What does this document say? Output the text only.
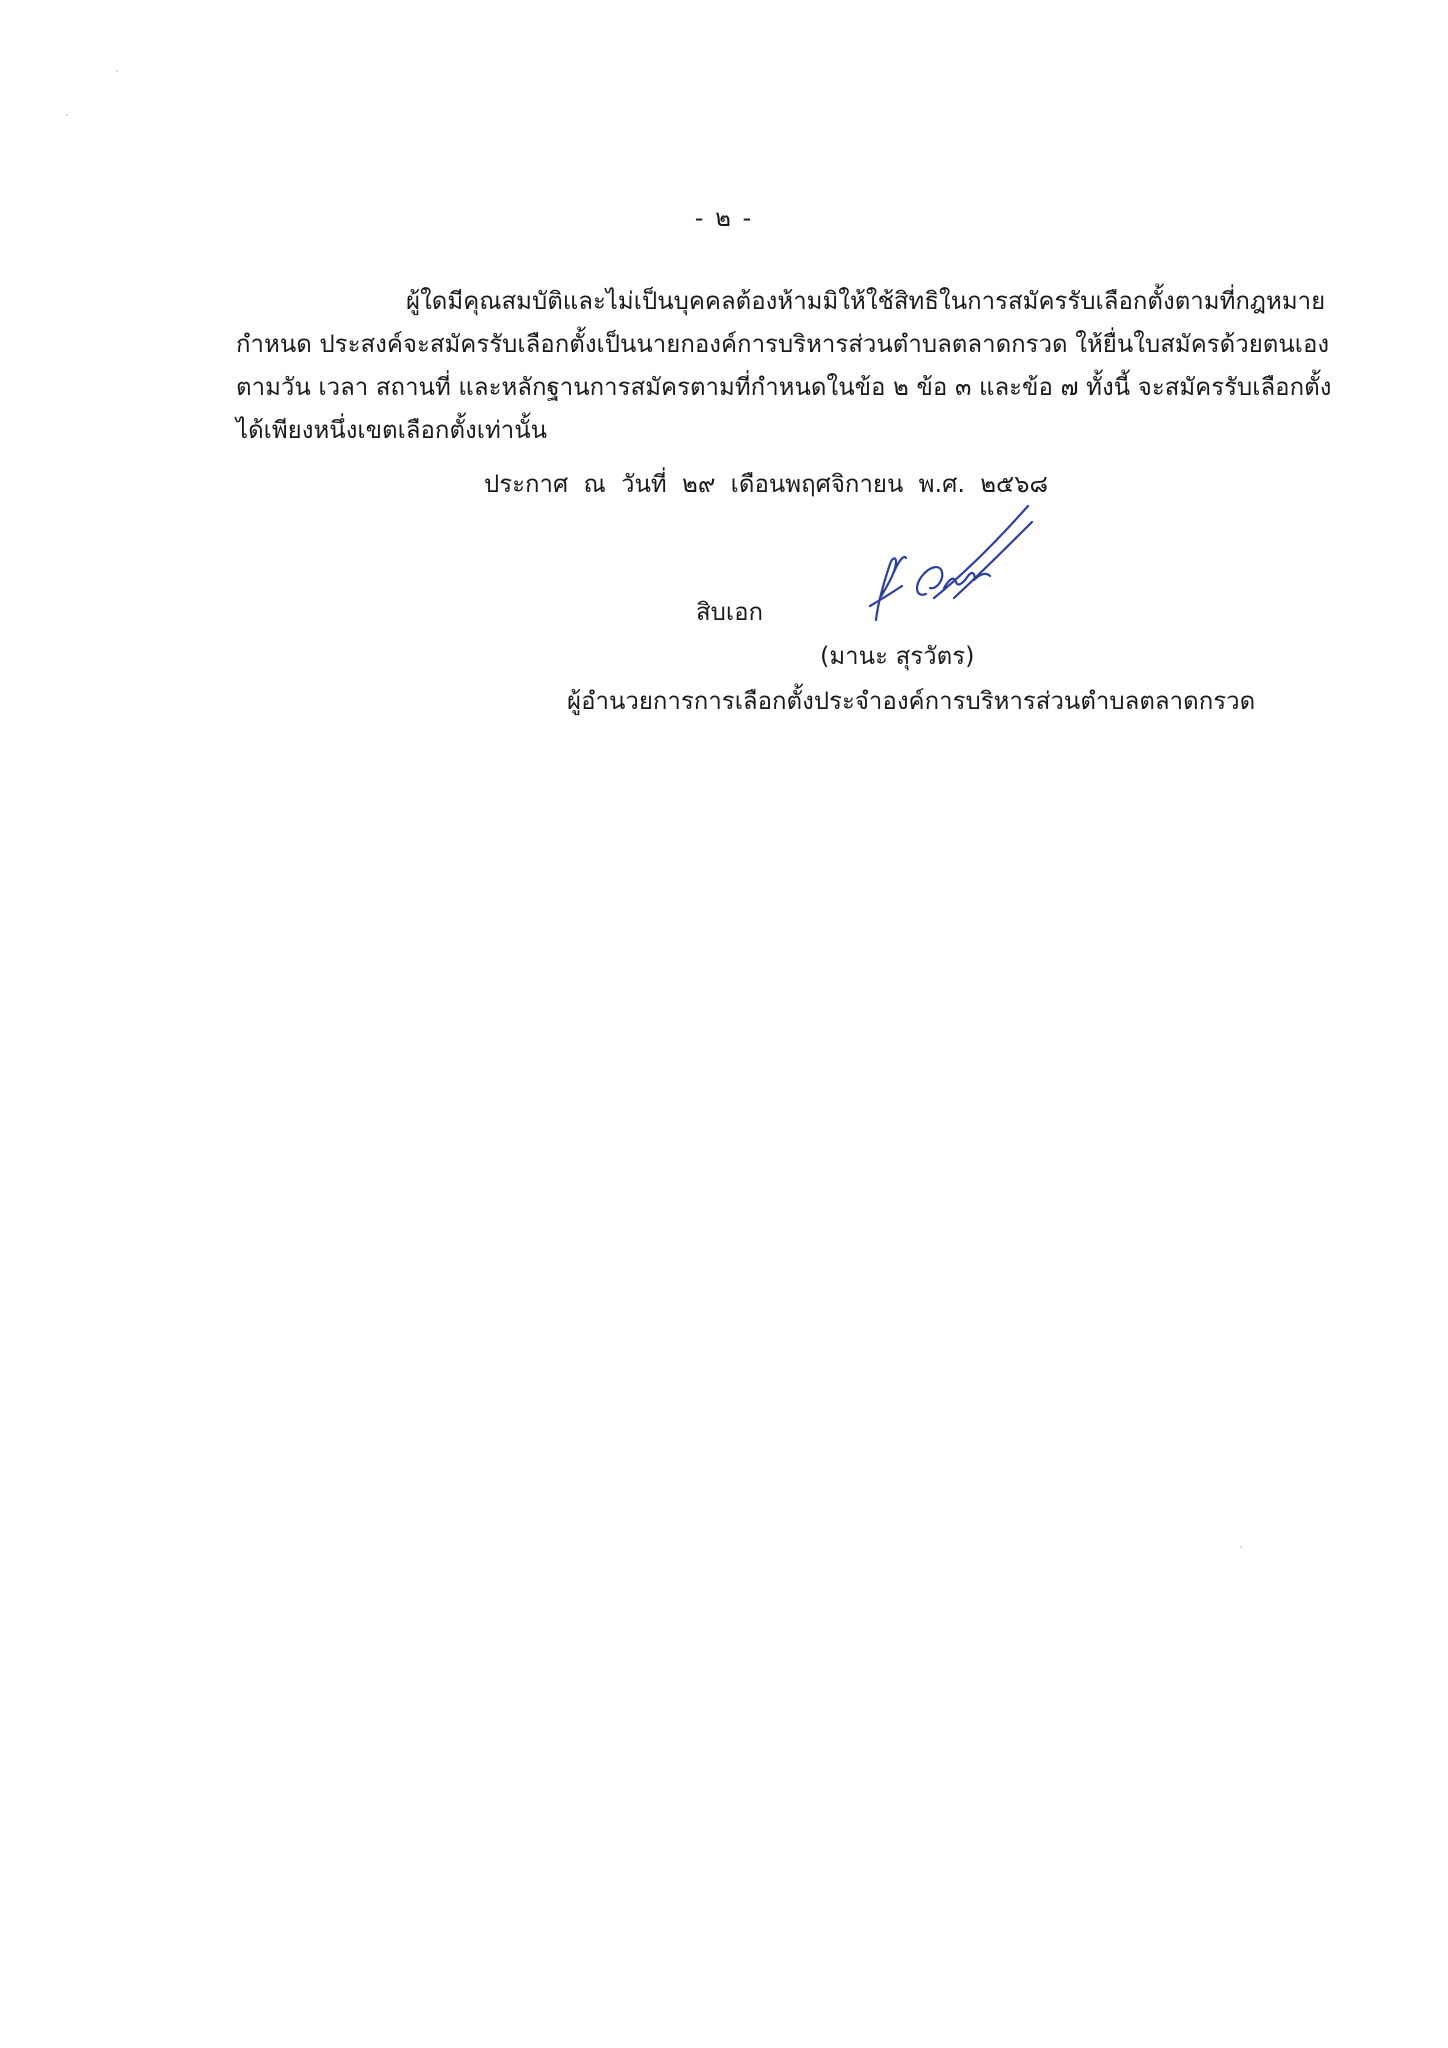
- ๒ -
ผู้ใดมีคุณสมบัติและไม่เป็นบุคคลต้องห้ามมิให้ใช้สิทธิในการสมัครรับเลือกตั้งตามที่กฎหมาย
กำหนด ประสงค์จะสมัครรับเลือกตั้งเป็นนายกองค์การบริหารส่วนตำบลตลาดกรวด ให้ยื่นใบสมัครด้วยตนเอง
ตามวัน เวลา สถานที่ และหลักฐานการสมัครตามที่กำหนดในข้อ ๒ ข้อ ๓ และข้อ ๗ ทั้งนี้ จะสมัครรับเลือกตั้ง
ได้เพียงหนึ่งเขตเลือกตั้งเท่านั้น
ประกาศ  ณ  วันที่  ๒๙  เดือนพฤศจิกายน  พ.ศ.  ๒๕๖๘
สิบเอก
(มานะ สุรวัตร)
ผู้อำนวยการการเลือกตั้งประจำองค์การบริหารส่วนตำบลตลาดกรวด
